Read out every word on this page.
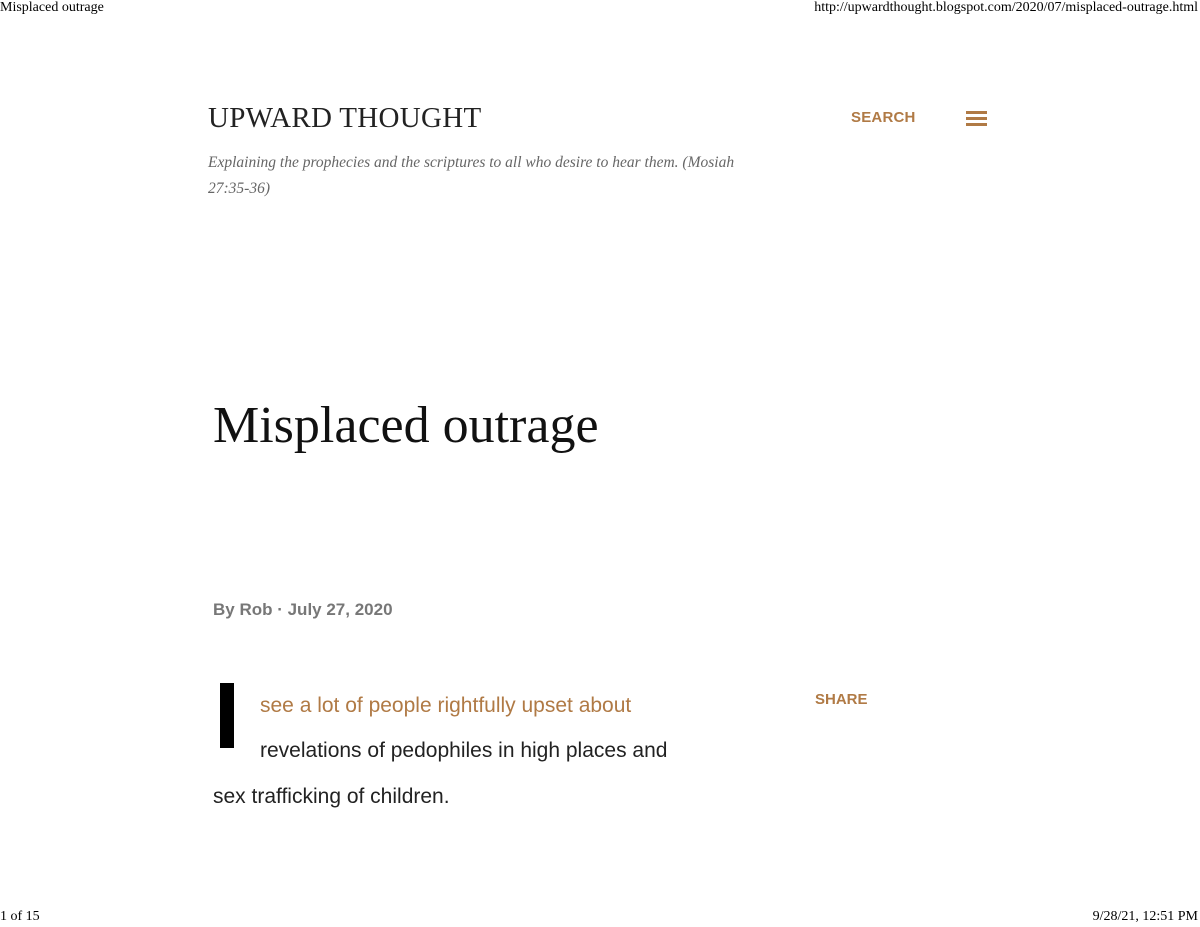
Misplaced outrage	http://upwardthought.blogspot.com/2020/07/misplaced-outrage.html
UPWARD THOUGHT
Explaining the prophecies and the scriptures to all who desire to hear them. (Mosiah 27:35-36)
SEARCH
Misplaced outrage
By Rob · July 27, 2020
see a lot of people rightfully upset about
revelations of pedophiles in high places and
sex trafficking of children.
SHARE
1 of 15	9/28/21, 12:51 PM
